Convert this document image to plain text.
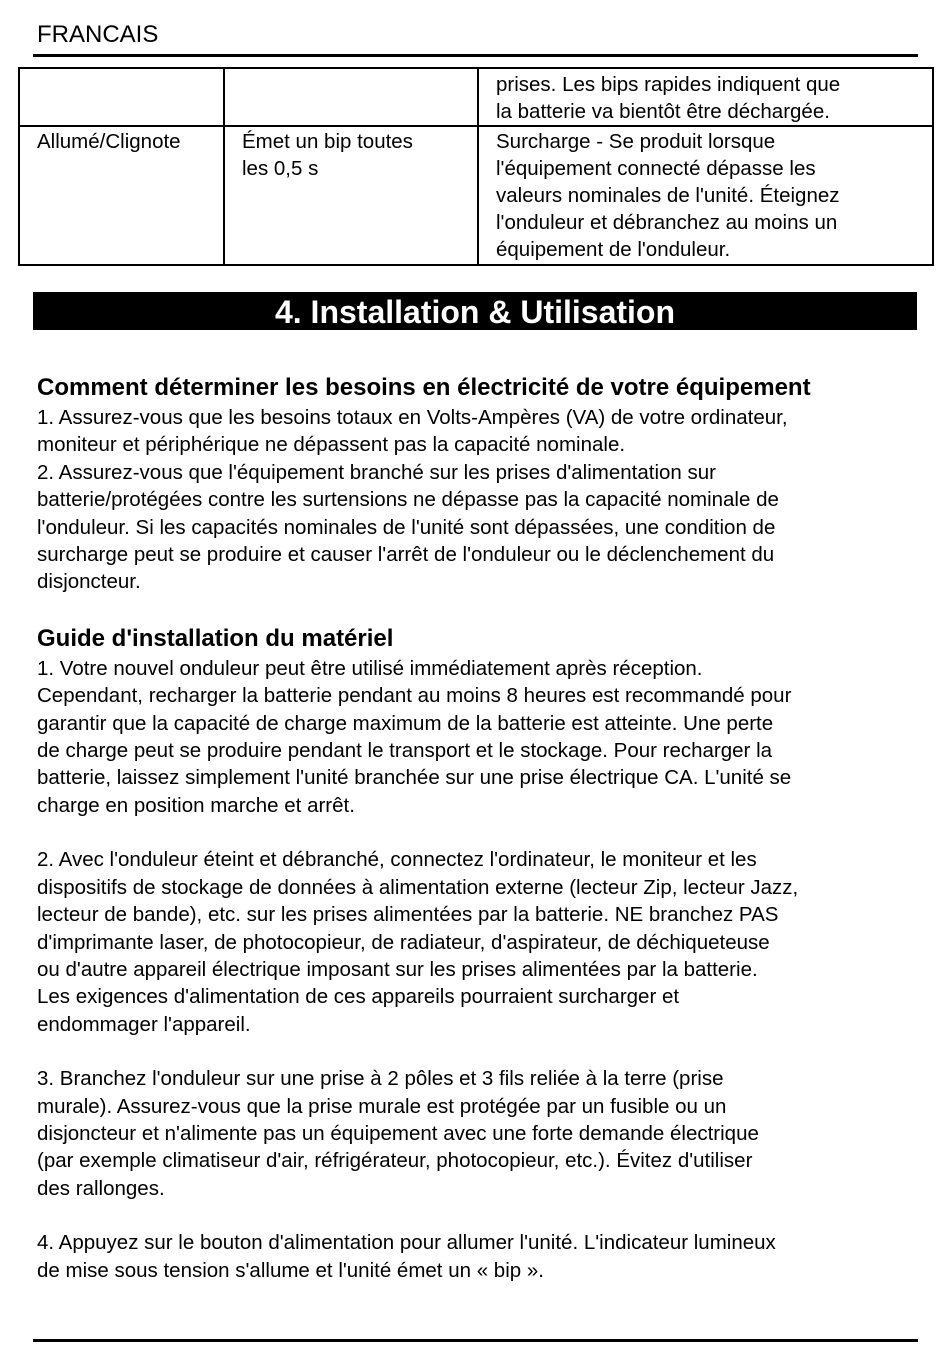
FRANCAIS

		prises. Les bips rapides indiquent que
la batterie va bientôt être déchargée.

Allumé/Clignote	Émet un bip toutes
les 0,5 s	Surcharge - Se produit lorsque
l'équipement connecté dépasse les
valeurs nominales de l'unité. Éteignez
l'onduleur et débranchez au moins un
équipement de l'onduleur.
4. Installation & Utilisation
Comment déterminer les besoins en électricité de votre équipement
1. Assurez-vous que les besoins totaux en Volts-Ampères (VA) de votre ordinateur,
moniteur et périphérique ne dépassent pas la capacité nominale.
2. Assurez-vous que l'équipement branché sur les prises d'alimentation sur
batterie/protégées contre les surtensions ne dépasse pas la capacité nominale de
l'onduleur. Si les capacités nominales de l'unité sont dépassées, une condition de
surcharge peut se produire et causer l'arrêt de l'onduleur ou le déclenchement du
disjoncteur.
Guide d'installation du matériel
1. Votre nouvel onduleur peut être utilisé immédiatement après réception.
Cependant, recharger la batterie pendant au moins 8 heures est recommandé pour
garantir que la capacité de charge maximum de la batterie est atteinte. Une perte
de charge peut se produire pendant le transport et le stockage. Pour recharger la
batterie, laissez simplement l'unité branchée sur une prise électrique CA. L'unité se
charge en position marche et arrêt.
2. Avec l'onduleur éteint et débranché, connectez l'ordinateur, le moniteur et les
dispositifs de stockage de données à alimentation externe (lecteur Zip, lecteur Jazz,
lecteur de bande), etc. sur les prises alimentées par la batterie. NE branchez PAS
d'imprimante laser, de photocopieur, de radiateur, d'aspirateur, de déchiqueteuse
ou d'autre appareil électrique imposant sur les prises alimentées par la batterie.
Les exigences d'alimentation de ces appareils pourraient surcharger et
endommager l'appareil.
3. Branchez l'onduleur sur une prise à 2 pôles et 3 fils reliée à la terre (prise
murale). Assurez-vous que la prise murale est protégée par un fusible ou un
disjoncteur et n'alimente pas un équipement avec une forte demande électrique
(par exemple climatiseur d'air, réfrigérateur, photocopieur, etc.). Évitez d'utiliser
des rallonges.
4. Appuyez sur le bouton d'alimentation pour allumer l'unité. L'indicateur lumineux
de mise sous tension s'allume et l'unité émet un « bip ».
